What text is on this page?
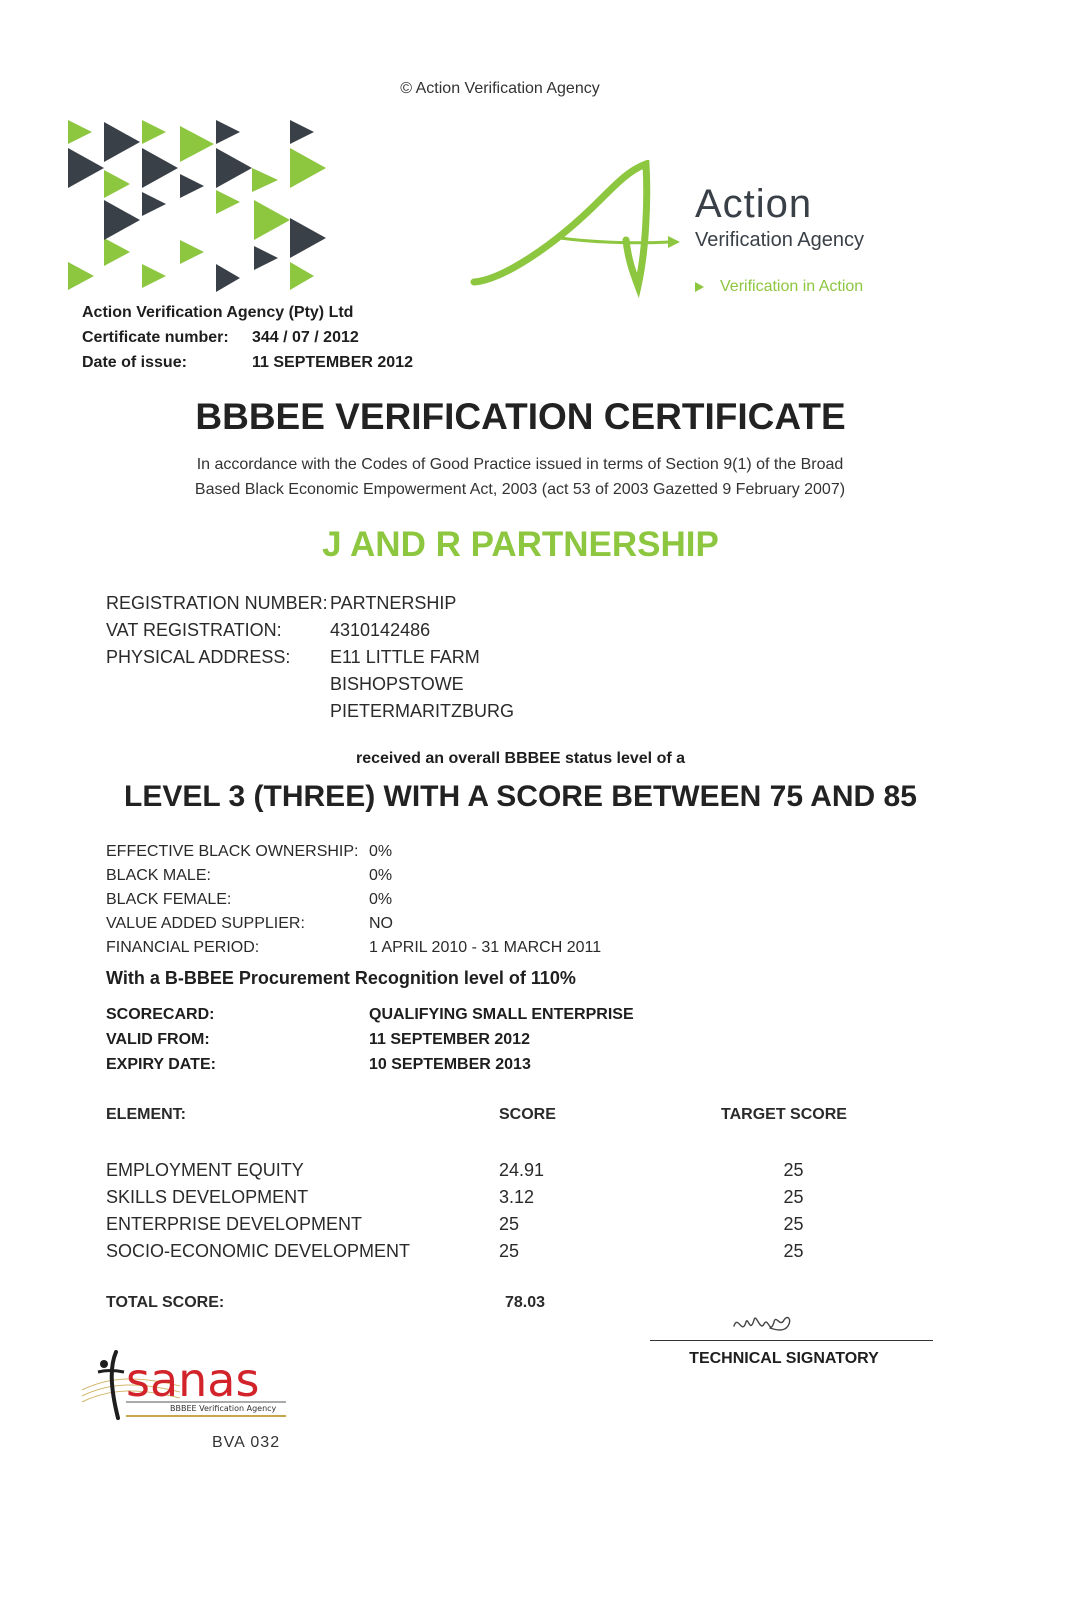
© Action Verification Agency
Action Verification Agency (Pty) Ltd
Certificate number:	344 / 07 / 2012
Date of issue:	11 SEPTEMBER 2012
Action
Verification Agency
Verification in Action
BBBEE VERIFICATION CERTIFICATE
In accordance with the Codes of Good Practice issued in terms of Section 9(1) of the Broad
Based Black Economic Empowerment Act, 2003 (act 53 of 2003 Gazetted 9 February 2007)
J AND R PARTNERSHIP
REGISTRATION NUMBER: PARTNERSHIP
VAT REGISTRATION:	4310142486
PHYSICAL ADDRESS:	E11 LITTLE FARM
BISHOPSTOWE
PIETERMARITZBURG
received an overall BBBEE status level of a
LEVEL 3 (THREE) WITH A SCORE BETWEEN 75 AND 85
EFFECTIVE BLACK OWNERSHIP: 0%
BLACK MALE:	0%
BLACK FEMALE:	0%
VALUE ADDED SUPPLIER:	NO
FINANCIAL PERIOD:	1 APRIL 2010 - 31 MARCH 2011
With a B-BBEE Procurement Recognition level of 110%
SCORECARD:	QUALIFYING SMALL ENTERPRISE
VALID FROM:	11 SEPTEMBER 2012
EXPIRY DATE:	10 SEPTEMBER 2013
ELEMENT:	SCORE	TARGET SCORE
EMPLOYMENT EQUITY	24.91	25
SKILLS DEVELOPMENT	3.12	25
ENTERPRISE DEVELOPMENT	25	25
SOCIO-ECONOMIC DEVELOPMENT	25	25
TOTAL SCORE:	78.03
TECHNICAL SIGNATORY
sanas
BBBEE Verification Agency
BVA 032
